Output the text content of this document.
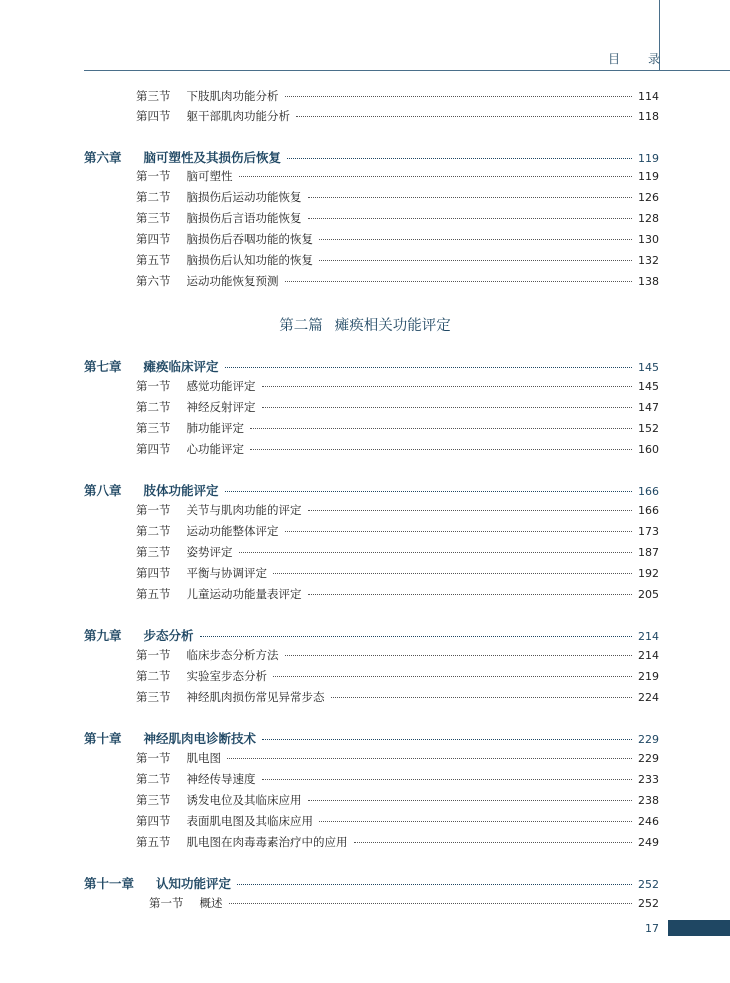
目录
第三节 下肢肌肉功能分析	114
第四节 躯干部肌肉功能分析	118
第六章 脑可塑性及其损伤后恢复	119
第一节 脑可塑性	119
第二节 脑损伤后运动功能恢复	126
第三节 脑损伤后言语功能恢复	128
第四节 脑损伤后吞咽功能的恢复	130
第五节 脑损伤后认知功能的恢复	132
第六节 运动功能恢复预测	138
第七章 瘫痪临床评定	145
第一节 感觉功能评定	145
第二节 神经反射评定	147
第三节 肺功能评定	152
第四节 心功能评定	160
第八章 肢体功能评定	166
第一节 关节与肌肉功能的评定	166
第二节 运动功能整体评定	173
第三节 姿势评定	187
第四节 平衡与协调评定	192
第五节 儿童运动功能量表评定	205
第九章 步态分析	214
第一节 临床步态分析方法	214
第二节 实验室步态分析	219
第三节 神经肌肉损伤常见异常步态	224
第十章 神经肌肉电诊断技术	229
第一节 肌电图	229
第二节 神经传导速度	233
第三节 诱发电位及其临床应用	238
第四节 表面肌电图及其临床应用	246
第五节 肌电图在肉毒毒素治疗中的应用	249
第十一章 认知功能评定	252
第一节 概述	252
第二篇 瘫痪相关功能评定
17
